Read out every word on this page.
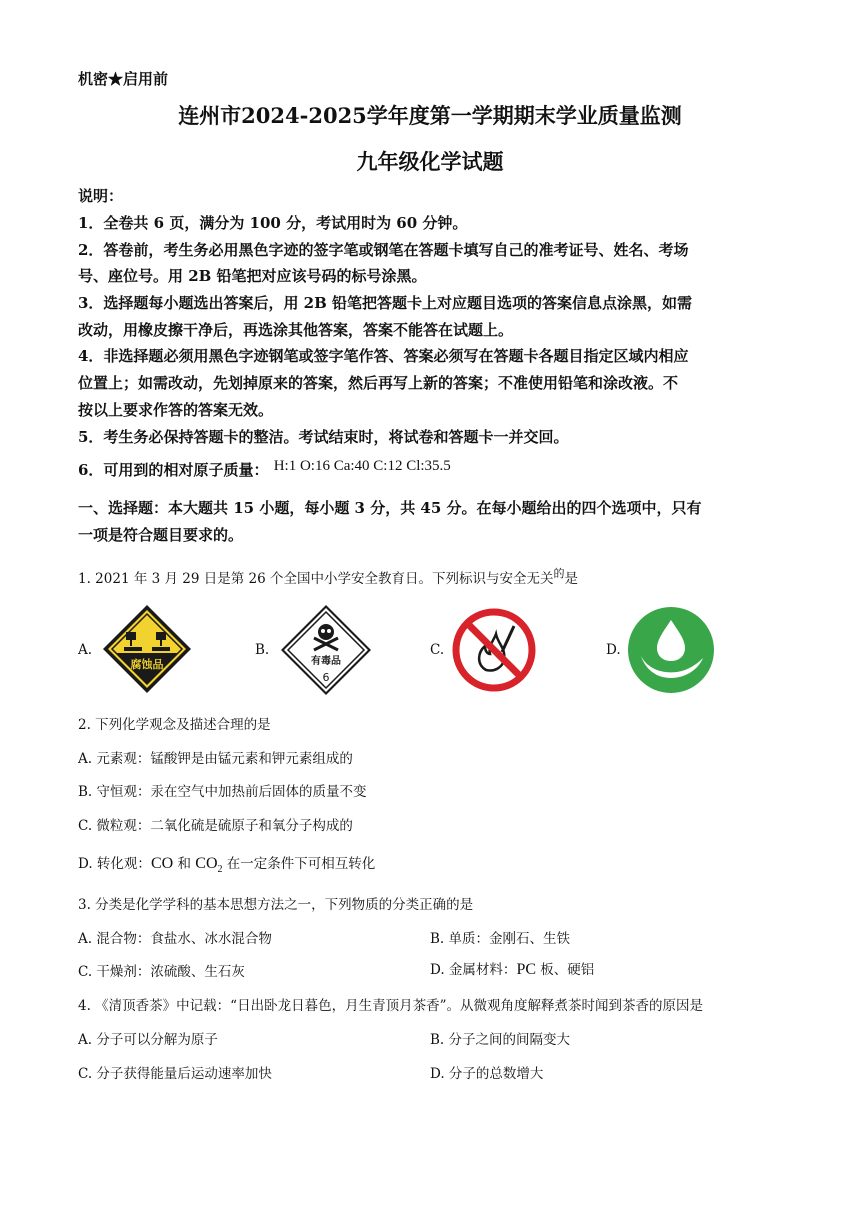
机密★启用前
连州市2024-2025学年度第一学期期末学业质量监测
九年级化学试题
说明：
1．全卷共 6 页，满分为 100 分，考试用时为 60 分钟。
2．答卷前，考生务必用黑色字迹的签字笔或钢笔在答题卡填写自己的准考证号、姓名、考场
号、座位号。用 2B 铅笔把对应该号码的标号涂黑。
3．选择题每小题选出答案后，用 2B 铅笔把答题卡上对应题目选项的答案信息点涂黑，如需
改动，用橡皮擦干净后，再选涂其他答案，答案不能答在试题上。
4．非选择题必须用黑色字迹钢笔或签字笔作答、答案必须写在答题卡各题目指定区域内相应
位置上；如需改动，先划掉原来的答案，然后再写上新的答案；不准使用铅笔和涂改液。不
按以上要求作答的答案无效。
5．考生务必保持答题卡的整洁。考试结束时，将试卷和答题卡一并交回。
6．可用到的相对原子质量： H:1 O:16 Ca:40 C:12 Cl:35.5
一、选择题：本大题共 15 小题，每小题 3 分，共 45 分。在每小题给出的四个选项中，只有
一项是符合题目要求的。
1. 2021 年 3 月 29 日是第 26 个全国中小学安全教育日。下列标识与安全无关$^的$是
A.	B.	C.	D.
腐蚀品	有毒品
6
2. 下列化学观念及描述合理的是
A. 元素观：锰酸钾是由锰元素和钾元素组成的
B. 守恒观：汞在空气中加热前后固体的质量不变
C. 微粒观：二氧化硫是硫原子和氧分子构成的
D. 转化观：CO 和 $CO_2$ 在一定条件下可相互转化
3. 分类是化学学科的基本思想方法之一，下列物质的分类正确的是
A. 混合物：食盐水、冰水混合物	B. 单质：金刚石、生铁
C. 干燥剂：浓硫酸、生石灰	D. 金属材料：PC 板、硬铝
4. 《清顶香茶》中记载：“日出卧龙日暮色，月生青顶月茶香”。从微观角度解释煮茶时闻到茶香的原因是
A. 分子可以分解为原子	B. 分子之间的间隔变大
C. 分子获得能量后运动速率加快	D. 分子的总数增大
